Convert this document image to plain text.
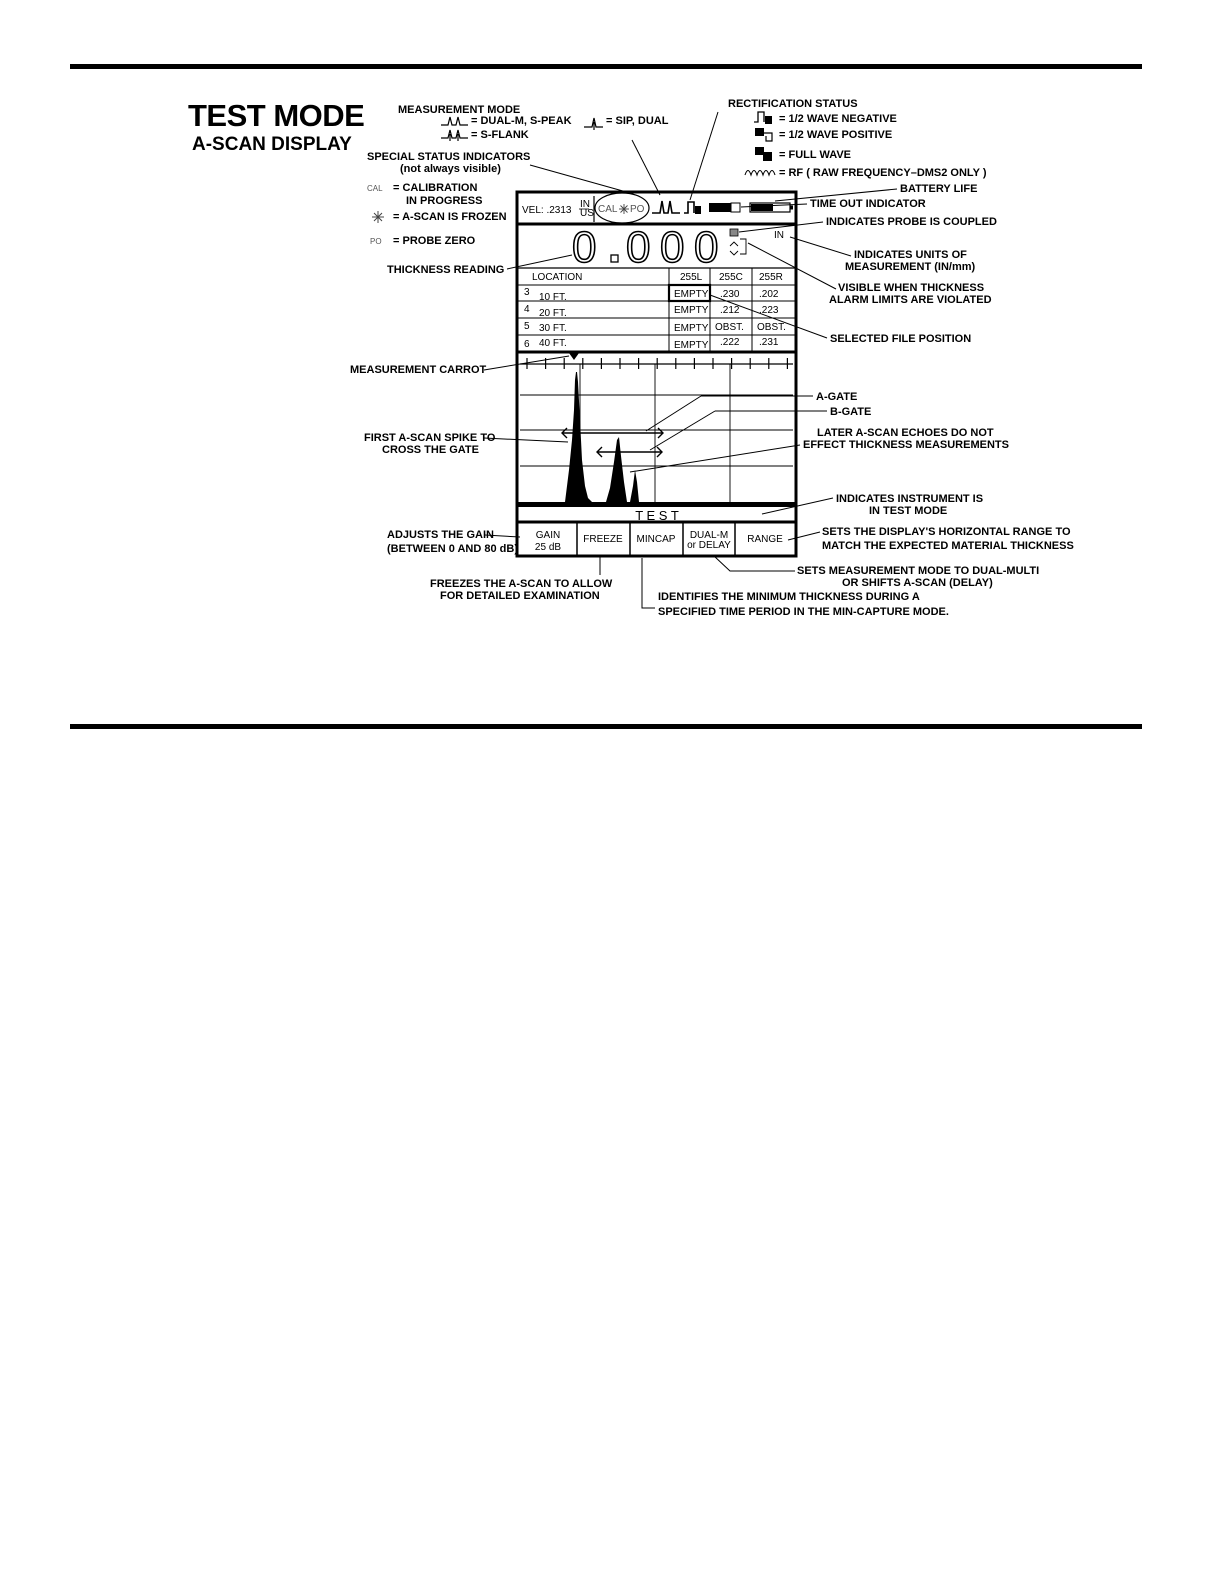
TEST MODE
A-SCAN DISPLAY
VEL: .2313
IN
US CAL PO
0 0 0 0	IN
LOCATION	255L 255C 255R
3 10 FT.	EMPTY .230 .202
4 20 FT.	EMPTY .212 .223
5 30 FT.	EMPTY OBST. OBST.
6 40 FT.	EMPTY .222 .231
T E S T
GAIN
25 dB
FREEZE MINCAP DUAL-M
or DELAY
RANGE
MEASUREMENT MODE
= DUAL-M, S-PEAK	= SIP, DUAL
= S-FLANK
SPECIAL STATUS INDICATORS
(not always visible)
CAL = CALIBRATION
IN PROGRESS
= A-SCAN IS FROZEN
PO = PROBE ZERO
RECTIFICATION STATUS
= 1/2 WAVE NEGATIVE
= 1/2 WAVE POSITIVE
= FULL WAVE
= RF ( RAW FREQUENCY–DMS2 ONLY )
BATTERY LIFE
TIME OUT INDICATOR
INDICATES PROBE IS COUPLED
INDICATES UNITS OF
MEASUREMENT (IN/mm)
VISIBLE WHEN THICKNESS
ALARM LIMITS ARE VIOLATED
THICKNESS READING
SELECTED FILE POSITION
MEASUREMENT CARROT
A-GATE
B-GATE
LATER A-SCAN ECHOES DO NOT
EFFECT THICKNESS MEASUREMENTS
FIRST A-SCAN SPIKE TO
CROSS THE GATE
INDICATES INSTRUMENT IS
IN TEST MODE
ADJUSTS THE GAIN
(BETWEEN 0 AND 80 dB)
SETS THE DISPLAY'S HORIZONTAL RANGE TO
MATCH THE EXPECTED MATERIAL THICKNESS
SETS MEASUREMENT MODE TO DUAL-MULTI
OR SHIFTS A-SCAN (DELAY)
FREEZES THE A-SCAN TO ALLOW
FOR DETAILED EXAMINATION	IDENTIFIES THE MINIMUM THICKNESS DURING A
SPECIFIED TIME PERIOD IN THE MIN-CAPTURE MODE.
